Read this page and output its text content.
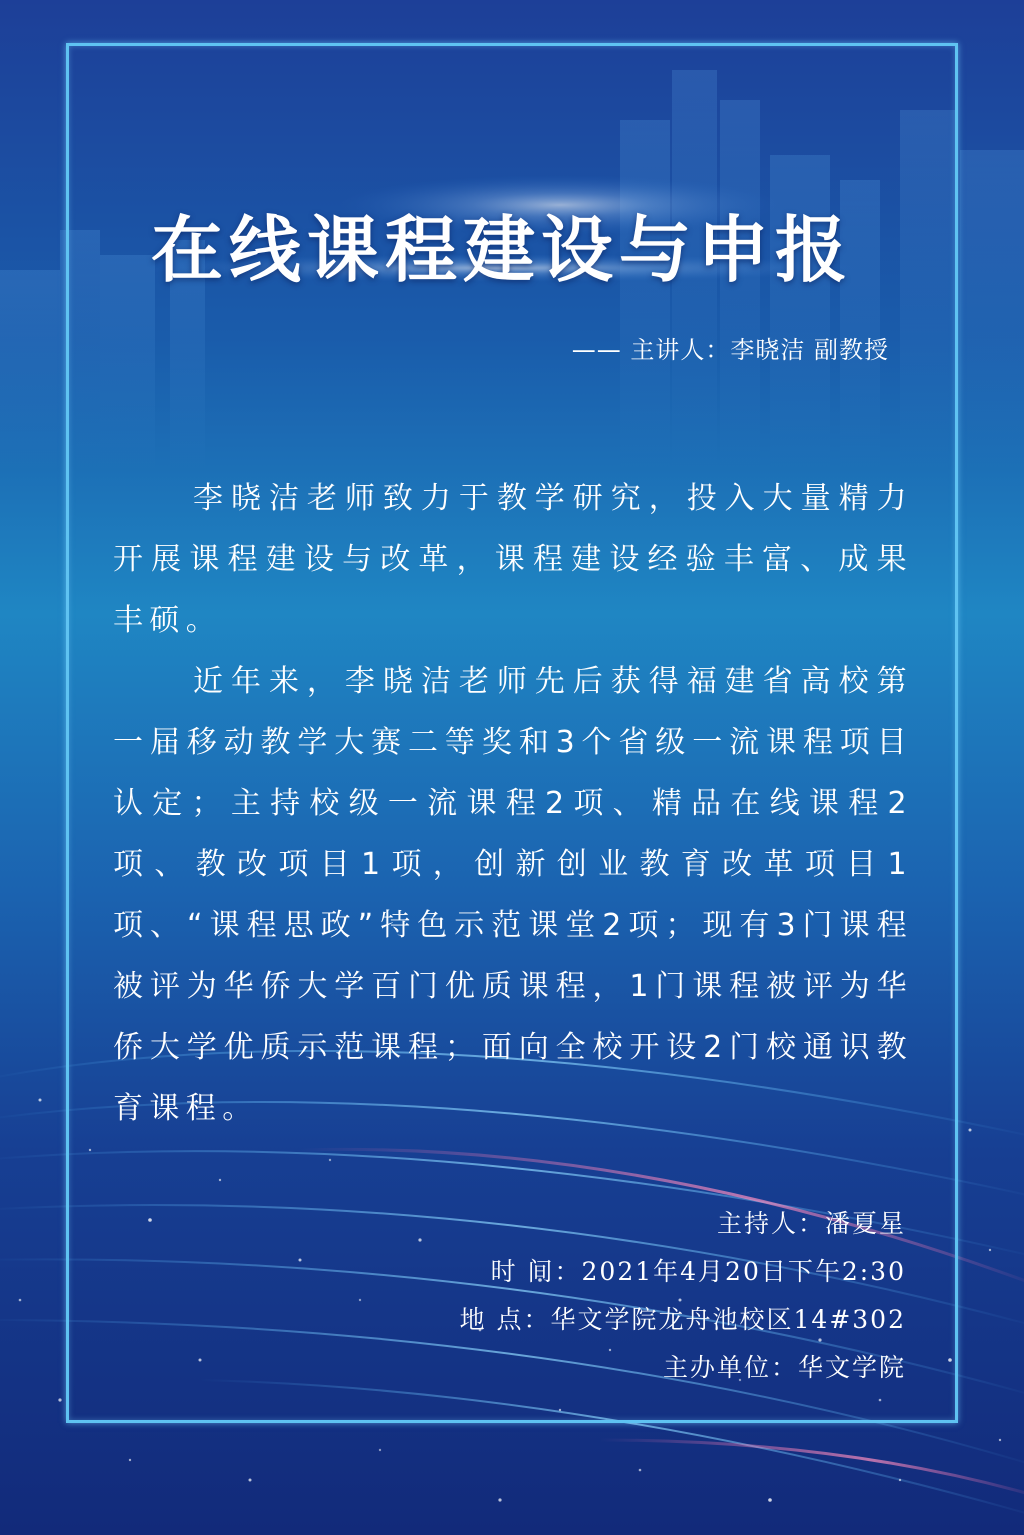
在线课程建设与申报
—— 主讲人：李晓洁 副教授

李晓洁老师致力于教学研究，投入大量精力开展课程建设与改革，课程建设经验丰富、成果丰硕。

近年来，李晓洁老师先后获得福建省高校第一届移动教学大赛二等奖和3个省级一流课程项目认定；主持校级一流课程2项、精品在线课程2项、教改项目1项，创新创业教育改革项目1项、“课程思政”特色示范课堂2项；现有3门课程被评为华侨大学百门优质课程，1门课程被评为华侨大学优质示范课程；面向全校开设2门校通识教育课程。

主持人：潘夏星
时 间：2021年4月20日下午2:30
地 点：华文学院龙舟池校区14#302
主办单位：华文学院
